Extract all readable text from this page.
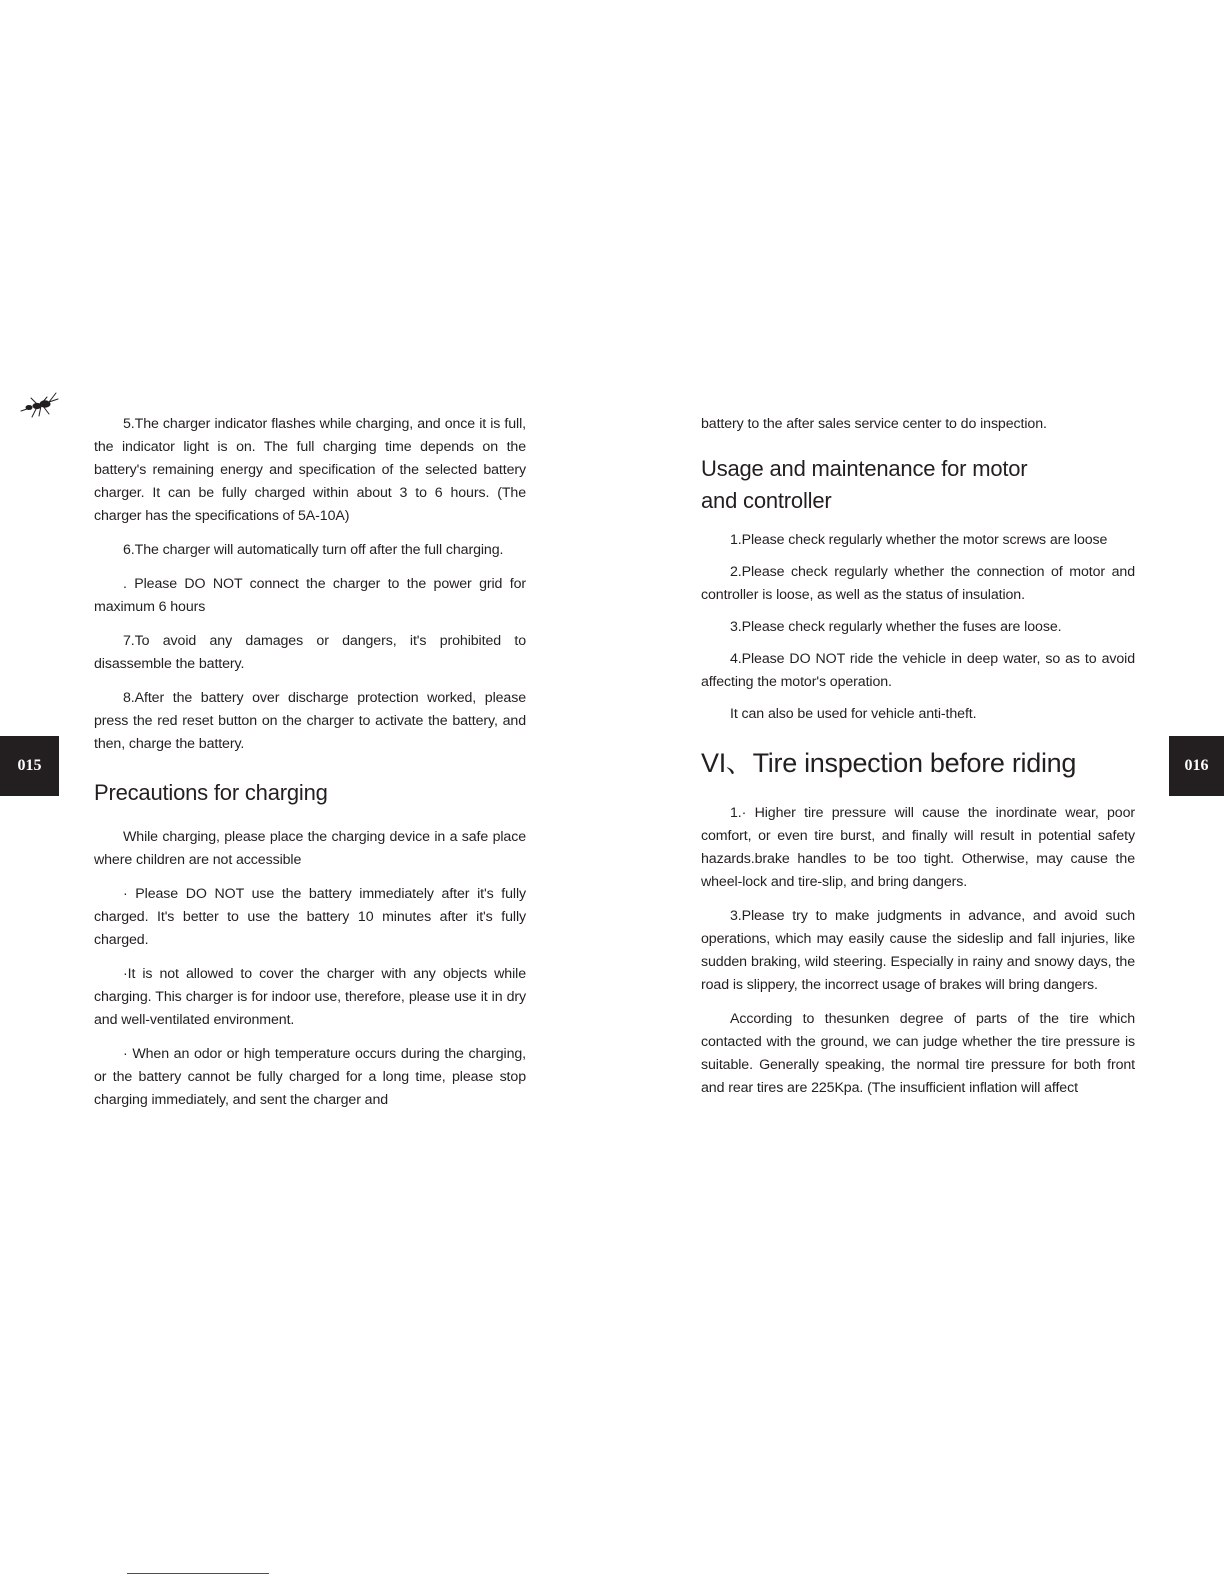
015	016

5.The charger indicator flashes while charging, and once it is full, the indicator light is on. The full charging time depends on the battery's remaining energy and specification of the selected battery charger. It can be fully charged within about 3 to 6 hours. (The charger has the specifications of 5A-10A)

6.The charger will automatically turn off after the full charging.

. Please DO NOT connect the charger to the power grid for maximum 6 hours

7.To avoid any damages or dangers, it's prohibited to disassemble the battery.

8.After the battery over discharge protection worked, please press the red reset button on the charger to activate the battery, and then, charge the battery.

Precautions for charging

While charging, please place the charging device in a safe place where children are not accessible

· Please DO NOT use the battery immediately after it's fully charged. It's better to use the battery 10 minutes after it's fully charged.

·It is not allowed to cover the charger with any objects while charging. This charger is for indoor use, therefore, please use it in dry and well-ventilated environment.

· When an odor or high temperature occurs during the charging, or the battery cannot be fully charged for a long time, please stop charging immediately, and sent the charger and

battery to the after sales service center to do inspection.

Usage and maintenance for motor
and controller

1.Please check regularly whether the motor screws are loose

2.Please check regularly whether the connection of motor and controller is loose, as well as the status of insulation.

3.Please check regularly whether the fuses are loose.

4.Please DO NOT ride the vehicle in deep water, so as to avoid affecting the motor's operation.

It can also be used for vehicle anti-theft.

VI、Tire inspection before riding

1.· Higher tire pressure will cause the inordinate wear, poor comfort, or even tire burst, and finally will result in potential safety hazards.brake handles to be too tight. Otherwise, may cause the wheel-lock and tire-slip, and bring dangers.

3.Please try to make judgments in advance, and avoid such operations, which may easily cause the sideslip and fall injuries, like sudden braking, wild steering. Especially in rainy and snowy days, the road is slippery, the incorrect usage of brakes will bring dangers.

According to thesunken degree of parts of the tire which contacted with the ground, we can judge whether the tire pressure is suitable. Generally speaking, the normal tire pressure for both front and rear tires are 225Kpa. (The insufficient inflation will affect
